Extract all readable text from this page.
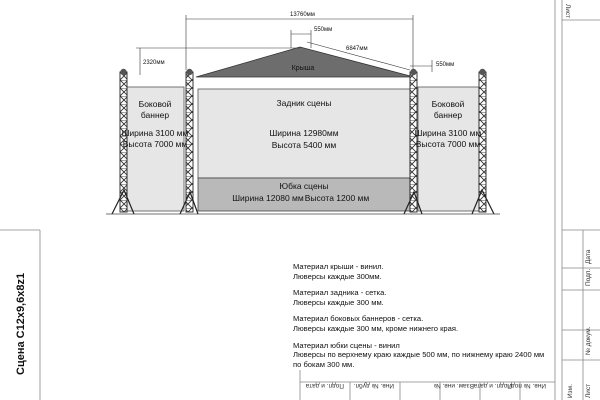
Лист
Изм. Лист
№ докум.
Подп.
Дата
Инв. № подл.
Подп. и дата
Взам. инв. №
Инв. № дубл.
Подп. и дата
Сцена С12х9,6х8z1
13760мм
550мм
6847мм
550мм
2320мм
Крыша
Задник сцены
Ширина 12980мм
Высота 5400 мм
Боковой
баннер
Ширина 3100 мм
Высота 7000 мм
Боковой
баннер
Ширина 3100 мм
Высота 7000 мм
Юбка сцены
Ширина 12080 мм Высота 1200 мм
Материал крыши - винил.
Люверсы каждые 300мм.
Материал задника - сетка.
Люверсы каждые 300 мм.
Материал боковых баннеров - сетка.
Люверсы каждые 300 мм, кроме нижнего края.
Материал юбки сцены - винил
Люверсы по верхнему краю каждые 500 мм, по нижнему краю 2400 мм
по бокам 300 мм.
